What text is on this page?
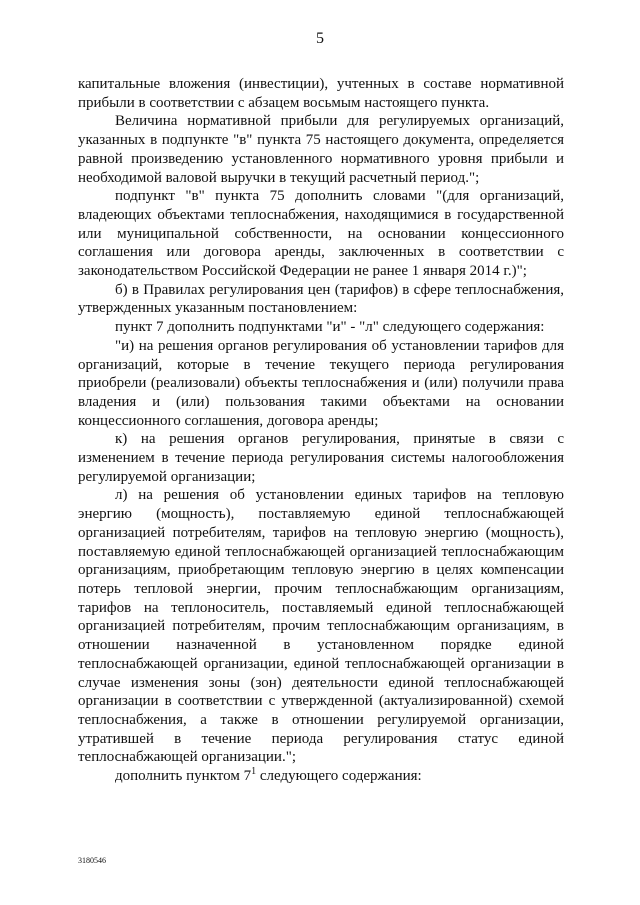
5

капитальные вложения (инвестиции), учтенных в составе нормативной прибыли в соответствии с абзацем восьмым настоящего пункта.

Величина нормативной прибыли для регулируемых организаций, указанных в подпункте "в" пункта 75 настоящего документа, определяется равной произведению установленного нормативного уровня прибыли и необходимой валовой выручки в текущий расчетный период.";

подпункт "в" пункта 75 дополнить словами "(для организаций, владеющих объектами теплоснабжения, находящимися в государственной или муниципальной собственности, на основании концессионного соглашения или договора аренды, заключенных в соответствии с законодательством Российской Федерации не ранее 1 января 2014 г.)";

б) в Правилах регулирования цен (тарифов) в сфере теплоснабжения, утвержденных указанным постановлением:

пункт 7 дополнить подпунктами "и" - "л" следующего содержания:

"и) на решения органов регулирования об установлении тарифов для организаций, которые в течение текущего периода регулирования приобрели (реализовали) объекты теплоснабжения и (или) получили права владения и (или) пользования такими объектами на основании концессионного соглашения, договора аренды;

к) на решения органов регулирования, принятые в связи с изменением в течение периода регулирования системы налогообложения регулируемой организации;

л) на решения об установлении единых тарифов на тепловую энергию (мощность), поставляемую единой теплоснабжающей организацией потребителям, тарифов на тепловую энергию (мощность), поставляемую единой теплоснабжающей организацией теплоснабжающим организациям, приобретающим тепловую энергию в целях компенсации потерь тепловой энергии, прочим теплоснабжающим организациям, тарифов на теплоноситель, поставляемый единой теплоснабжающей организацией потребителям, прочим теплоснабжающим организациям, в отношении назначенной в установленном порядке единой теплоснабжающей организации, единой теплоснабжающей организации в случае изменения зоны (зон) деятельности единой теплоснабжающей организации в соответствии с утвержденной (актуализированной) схемой теплоснабжения, а также в отношении регулируемой организации, утратившей в течение периода регулирования статус единой теплоснабжающей организации.";

дополнить пунктом $7^1$ следующего содержания:

3180546
